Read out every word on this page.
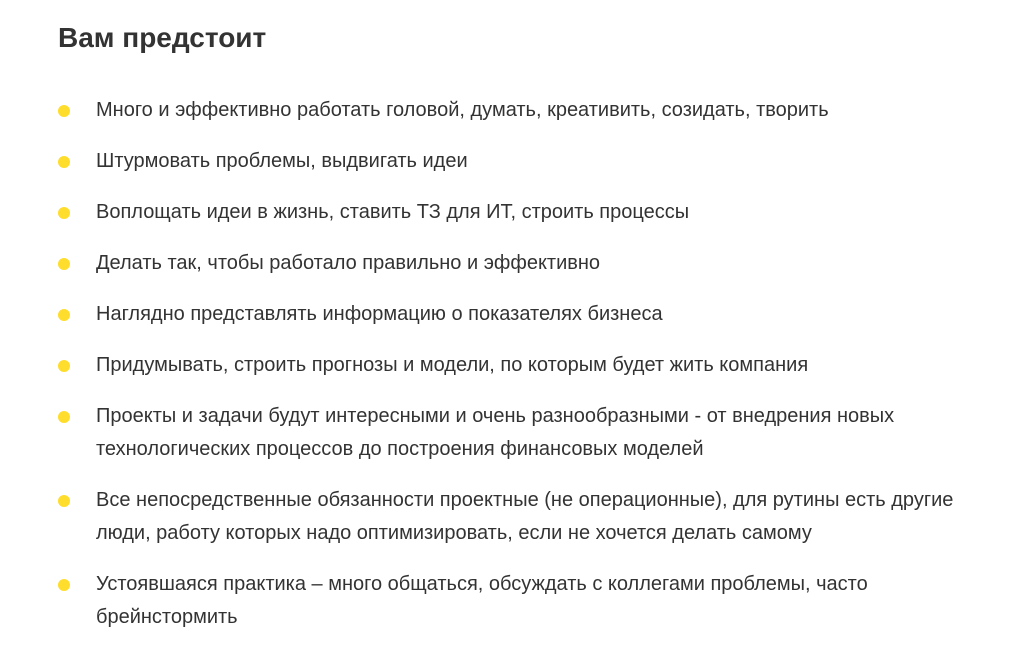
Вам предстоит
Много и эффективно работать головой, думать, креативить, созидать, творить
Штурмовать проблемы, выдвигать идеи
Воплощать идеи в жизнь, ставить ТЗ для ИТ, строить процессы
Делать так, чтобы работало правильно и эффективно
Наглядно представлять информацию о показателях бизнеса
Придумывать, строить прогнозы и модели, по которым будет жить компания
Проекты и задачи будут интересными и очень разнообразными - от внедрения новых технологических процессов до построения финансовых моделей
Все непосредственные обязанности проектные (не операционные), для рутины есть другие люди, работу которых надо оптимизировать, если не хочется делать самому
Устоявшаяся практика – много общаться, обсуждать с коллегами проблемы, часто брейнстормить
